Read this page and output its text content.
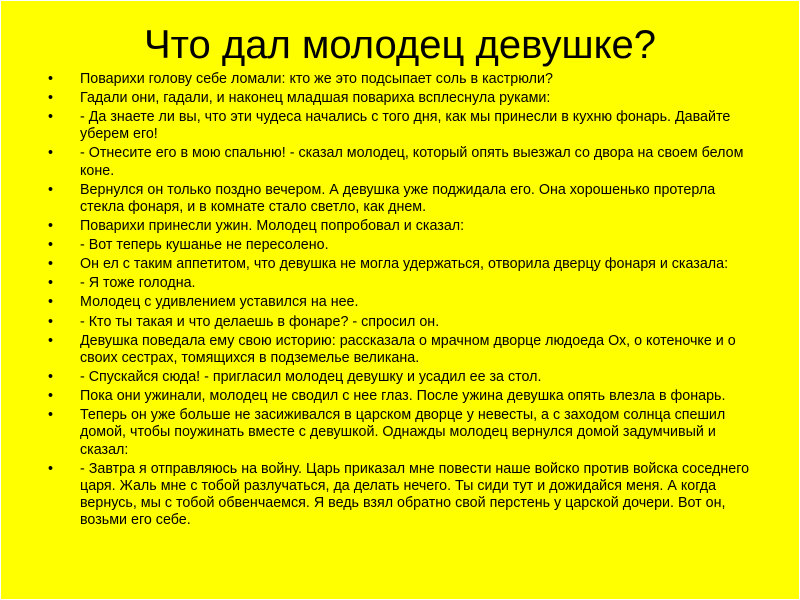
Что дал молодец девушке?
• Поварихи голову себе ломали: кто же это подсыпает соль в кастрюли?
• Гадали они, гадали, и наконец младшая повариха всплеснула руками:
• - Да знаете ли вы, что эти чудеса начались с того дня, как мы принесли в кухню фонарь. Давайте уберем его!
• - Отнесите его в мою спальню! - сказал молодец, который опять выезжал со двора на своем белом коне.
• Вернулся он только поздно вечером. А девушка уже поджидала его. Она хорошенько протерла стекла фонаря, и в комнате стало светло, как днем.
• Поварихи принесли ужин. Молодец попробовал и сказал:
• - Вот теперь кушанье не пересолено.
• Он ел с таким аппетитом, что девушка не могла удержаться, отворила дверцу фонаря и сказала:
• - Я тоже голодна.
• Молодец с удивлением уставился на нее.
• - Кто ты такая и что делаешь в фонаре? - спросил он.
• Девушка поведала ему свою историю: рассказала о мрачном дворце людоеда Ох, о котеночке и о своих сестрах, томящихся в подземелье великана.
• - Спускайся сюда! - пригласил молодец девушку и усадил ее за стол.
• Пока они ужинали, молодец не сводил с нее глаз. После ужина девушка опять влезла в фонарь.
• Теперь он уже больше не засиживался в царском дворце у невесты, а с заходом солнца спешил домой, чтобы поужинать вместе с девушкой. Однажды молодец вернулся домой задумчивый и сказал:
• - Завтра я отправляюсь на войну. Царь приказал мне повести наше войско против войска соседнего царя. Жаль мне с тобой разлучаться, да делать нечего. Ты сиди тут и дожидайся меня. А когда вернусь, мы с тобой обвенчаемся. Я ведь взял обратно свой перстень у царской дочери. Вот он, возьми его себе.
